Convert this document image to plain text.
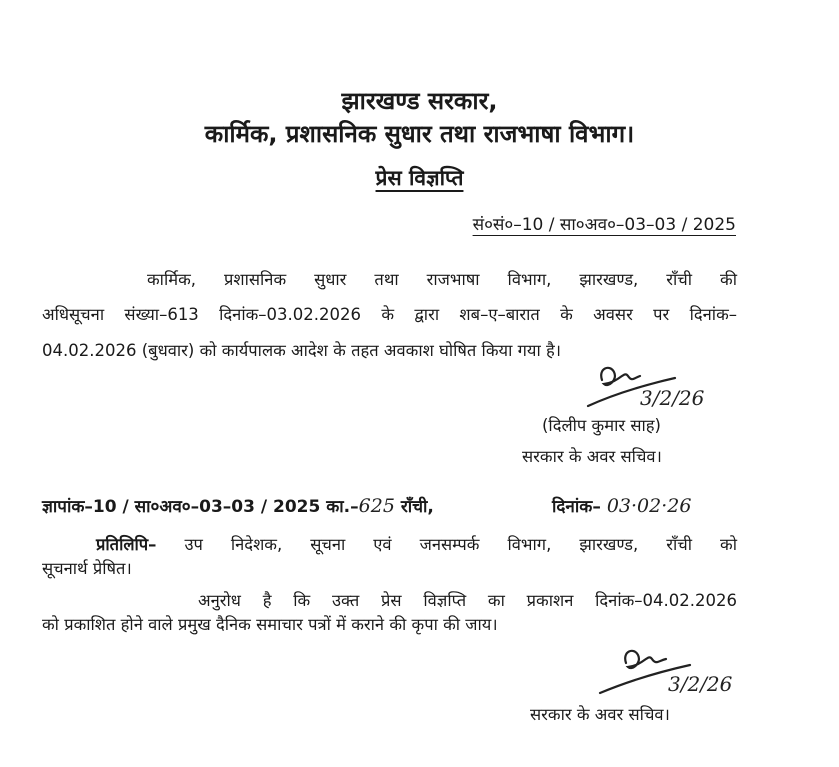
झारखण्ड सरकार,
कार्मिक, प्रशासनिक सुधार तथा राजभाषा विभाग।
प्रेस विज्ञप्ति
सं०सं०–10 / सा०अव०–03–03 / 2025
कार्मिक, प्रशासनिक सुधार तथा राजभाषा विभाग, झारखण्ड, राँची की
अधिसूचना संख्या–613 दिनांक–03.02.2026 के द्वारा शब–ए–बारात के अवसर पर दिनांक–
04.02.2026 (बुधवार) को कार्यपालक आदेश के तहत अवकाश घोषित किया गया है।
3/2/26
(दिलीप कुमार साह)
सरकार के अवर सचिव।
ज्ञापांक–10 / सा०अव०–03–03 / 2025 का.–625 राँची,	दिनांक– 03·02·26
प्रतिलिपि– उप निदेशक, सूचना एवं जनसम्पर्क विभाग, झारखण्ड, राँची को
सूचनार्थ प्रेषित।
अनुरोध है कि उक्त प्रेस विज्ञप्ति का प्रकाशन दिनांक–04.02.2026
को प्रकाशित होने वाले प्रमुख दैनिक समाचार पत्रों में कराने की कृपा की जाय।
3/2/26
सरकार के अवर सचिव।
